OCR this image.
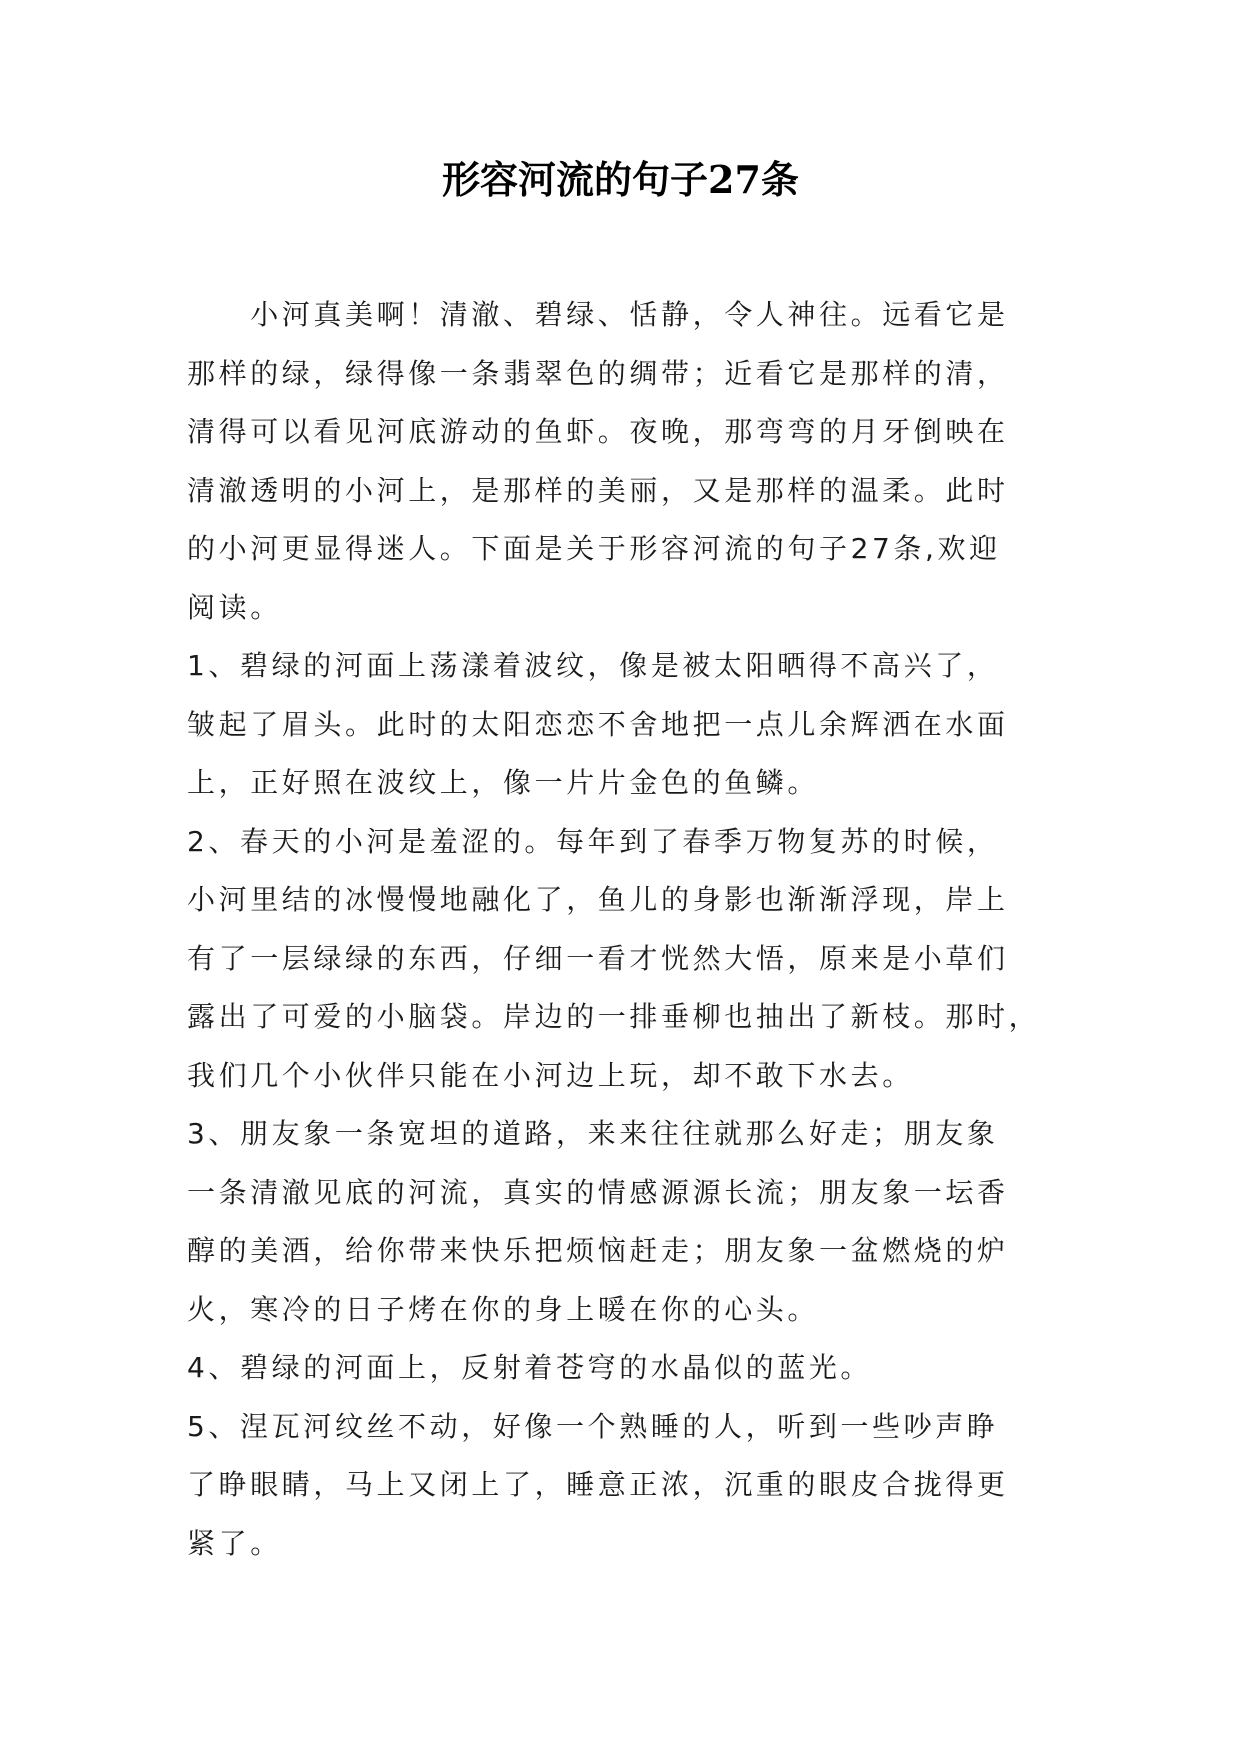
形容河流的句子27条
　　小河真美啊！清澈、碧绿、恬静，令人神往。远看它是
那样的绿，绿得像一条翡翠色的绸带；近看它是那样的清，
清得可以看见河底游动的鱼虾。夜晚，那弯弯的月牙倒映在
清澈透明的小河上，是那样的美丽，又是那样的温柔。此时
的小河更显得迷人。下面是关于形容河流的句子27条,欢迎
阅读。
1、碧绿的河面上荡漾着波纹，像是被太阳晒得不高兴了，
皱起了眉头。此时的太阳恋恋不舍地把一点儿余辉洒在水面
上，正好照在波纹上，像一片片金色的鱼鳞。
2、春天的小河是羞涩的。每年到了春季万物复苏的时候，
小河里结的冰慢慢地融化了，鱼儿的身影也渐渐浮现，岸上
有了一层绿绿的东西，仔细一看才恍然大悟，原来是小草们
露出了可爱的小脑袋。岸边的一排垂柳也抽出了新枝。那时，
我们几个小伙伴只能在小河边上玩，却不敢下水去。
3、朋友象一条宽坦的道路，来来往往就那么好走；朋友象
一条清澈见底的河流，真实的情感源源长流；朋友象一坛香
醇的美酒，给你带来快乐把烦恼赶走；朋友象一盆燃烧的炉
火，寒冷的日子烤在你的身上暖在你的心头。
4、碧绿的河面上，反射着苍穹的水晶似的蓝光。
5、涅瓦河纹丝不动，好像一个熟睡的人，听到一些吵声睁
了睁眼睛，马上又闭上了，睡意正浓，沉重的眼皮合拢得更
紧了。
